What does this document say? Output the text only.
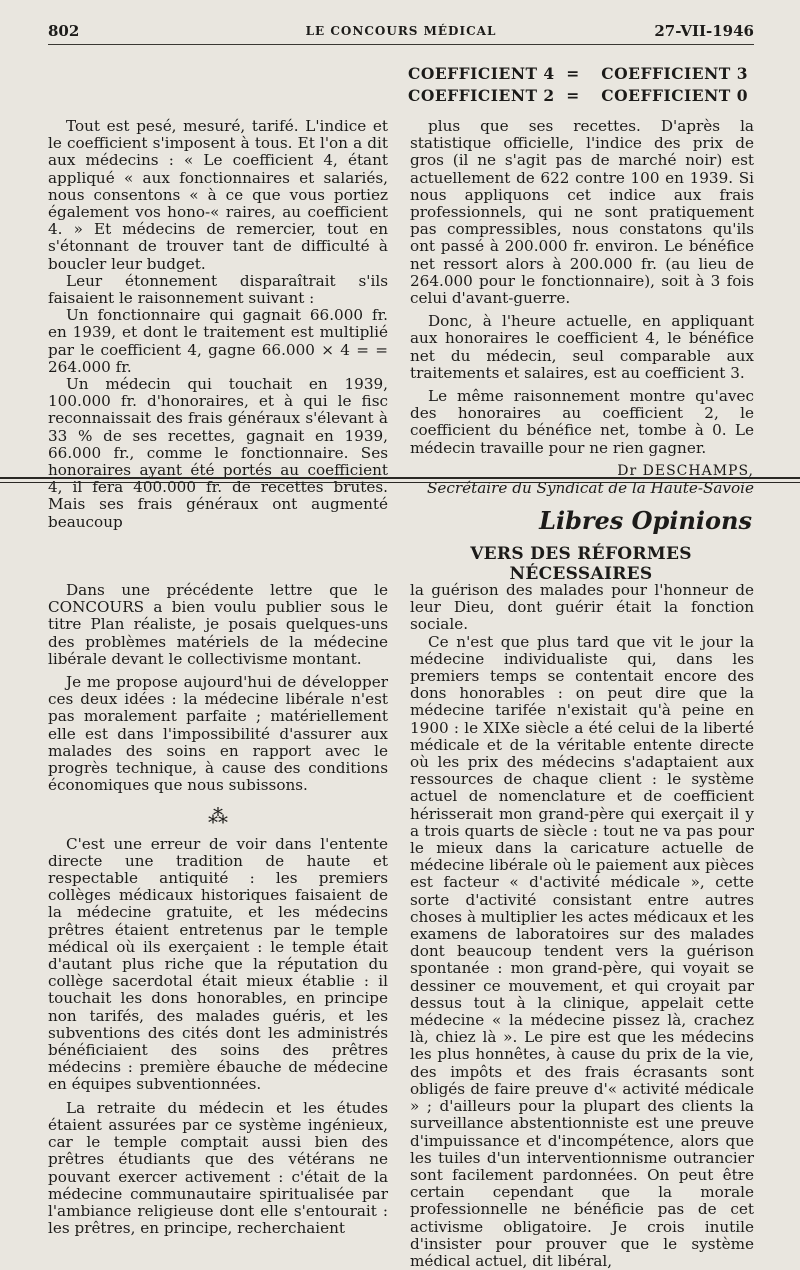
802	LE CONCOURS MÉDICAL	27-VII-1946
COEFFICIENT 4 = COEFFICIENT 3
COEFFICIENT 2 = COEFFICIENT 0

Tout est pesé, mesuré, tarifé. L'indice et le coefficient s'imposent à tous. Et l'on a dit aux médecins : « Le coefficient 4, étant appliqué « aux fonctionnaires et salariés, nous consentons « à ce que vous portiez également vos hono-« raires, au coefficient 4. » Et médecins de remercier, tout en s'étonnant de trouver tant de difficulté à boucler leur budget.

Leur étonnement disparaîtrait s'ils faisaient le raisonnement suivant :

Un fonctionnaire qui gagnait 66.000 fr. en 1939, et dont le traitement est multiplié par le coefficient 4, gagne 66.000 × 4 = = 264.000 fr.

Un médecin qui touchait en 1939, 100.000 fr. d'honoraires, et à qui le fisc reconnaissait des frais généraux s'élevant à 33 % de ses recettes, gagnait en 1939, 66.000 fr., comme le fonctionnaire. Ses honoraires ayant été portés au coefficient 4, il fera 400.000 fr. de recettes brutes. Mais ses frais généraux ont augmenté beaucoup

plus que ses recettes. D'après la statistique officielle, l'indice des prix de gros (il ne s'agit pas de marché noir) est actuellement de 622 contre 100 en 1939. Si nous appliquons cet indice aux frais professionnels, qui ne sont pratiquement pas compressibles, nous constatons qu'ils ont passé à 200.000 fr. environ. Le bénéfice net ressort alors à 200.000 fr. (au lieu de 264.000 pour le fonctionnaire), soit à 3 fois celui d'avant-guerre.

Donc, à l'heure actuelle, en appliquant aux honoraires le coefficient 4, le bénéfice net du médecin, seul comparable aux traitements et salaires, est au coefficient 3.

Le même raisonnement montre qu'avec des honoraires au coefficient 2, le coefficient du bénéfice net, tombe à 0. Le médecin travaille pour ne rien gagner.

Dr DESCHAMPS,
Secrétaire du Syndicat de la Haute-Savoie
Libres Opinions
VERS DES RÉFORMES NÉCESSAIRES

Dans une précédente lettre que le CONCOURS a bien voulu publier sous le titre Plan réaliste, je posais quelques-uns des problèmes matériels de la médecine libérale devant le collectivisme montant.

Je me propose aujourd'hui de développer ces deux idées : la médecine libérale n'est pas moralement parfaite ; matériellement elle est dans l'impossibilité d'assurer aux malades des soins en rapport avec le progrès technique, à cause des conditions économiques que nous subissons.

⁂

C'est une erreur de voir dans l'entente directe une tradition de haute et respectable antiquité : les premiers collèges médicaux historiques faisaient de la médecine gratuite, et les médecins prêtres étaient entretenus par le temple médical où ils exerçaient : le temple était d'autant plus riche que la réputation du collège sacerdotal était mieux établie : il touchait les dons honorables, en principe non tarifés, des malades guéris, et les subventions des cités dont les administrés bénéficiaient des soins des prêtres médecins : première ébauche de médecine en équipes subventionnées.

La retraite du médecin et les études étaient assurées par ce système ingénieux, car le temple comptait aussi bien des prêtres étudiants que des vétérans ne pouvant exercer activement : c'était de la médecine communautaire spiritualisée par l'ambiance religieuse dont elle s'entourait : les prêtres, en principe, recherchaient

la guérison des malades pour l'honneur de leur Dieu, dont guérir était la fonction sociale.

Ce n'est que plus tard que vit le jour la médecine individualiste qui, dans les premiers temps se contentait encore des dons honorables : on peut dire que la médecine tarifée n'existait qu'à peine en 1900 : le XIXe siècle a été celui de la liberté médicale et de la véritable entente directe où les prix des médecins s'adaptaient aux ressources de chaque client : le système actuel de nomenclature et de coefficient hérisserait mon grand-père qui exerçait il y a trois quarts de siècle : tout ne va pas pour le mieux dans la caricature actuelle de médecine libérale où le paiement aux pièces est facteur « d'activité médicale », cette sorte d'activité consistant entre autres choses à multiplier les actes médicaux et les examens de laboratoires sur des malades dont beaucoup tendent vers la guérison spontanée : mon grand-père, qui voyait se dessiner ce mouvement, et qui croyait par dessus tout à la clinique, appelait cette médecine « la médecine pissez là, crachez là, chiez là ». Le pire est que les médecins les plus honnêtes, à cause du prix de la vie, des impôts et des frais écrasants sont obligés de faire preuve d'« activité médicale » ; d'ailleurs pour la plupart des clients la surveillance abstentionniste est une preuve d'impuissance et d'incompétence, alors que les tuiles d'un interventionnisme outrancier sont facilement pardonnées. On peut être certain cependant que la morale professionnelle ne bénéficie pas de cet activisme obligatoire. Je crois inutile d'insister pour prouver que le système médical actuel, dit libéral,
